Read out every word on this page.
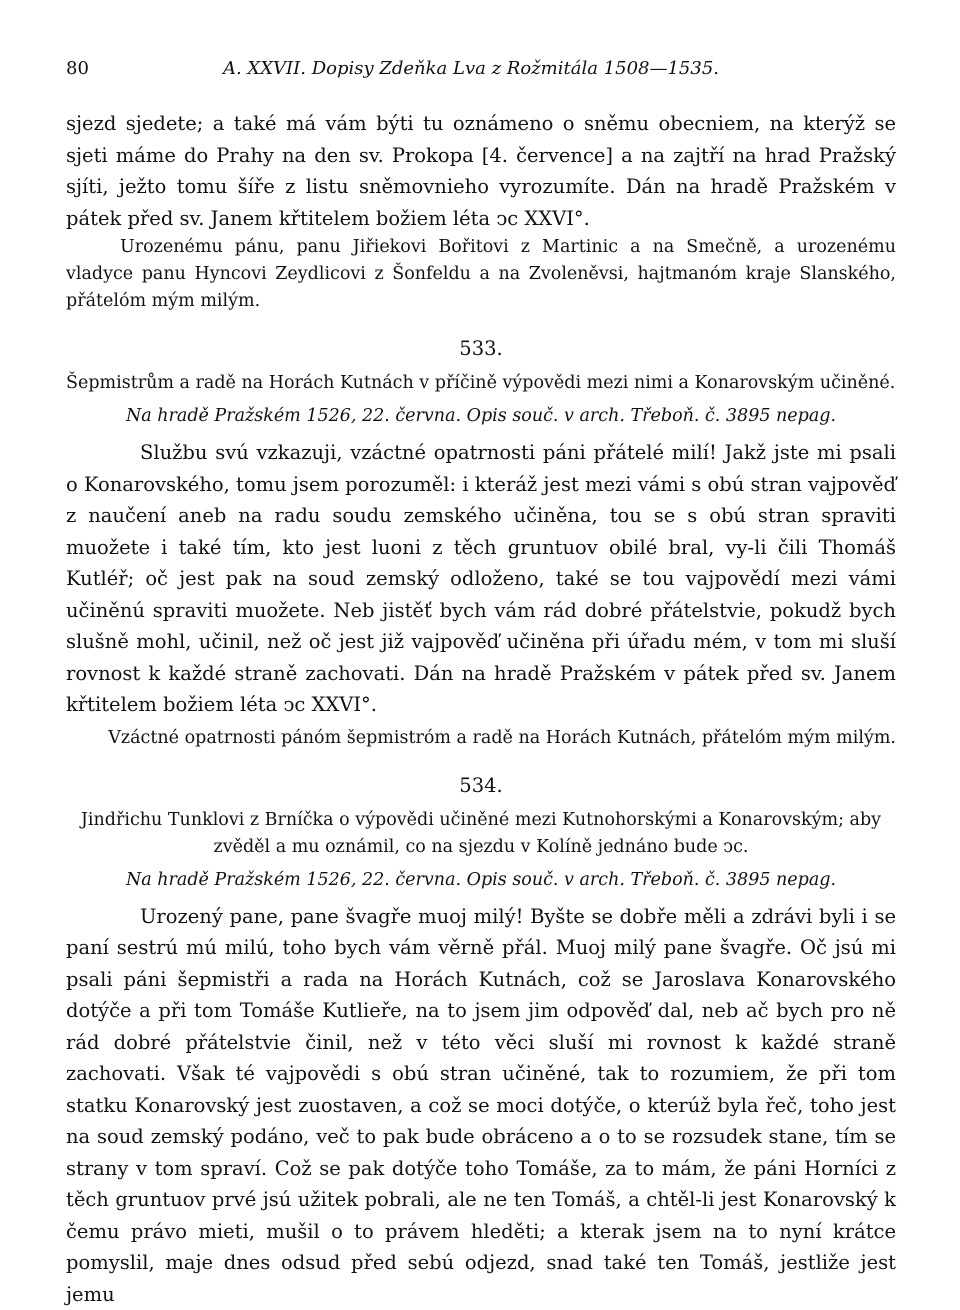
80	A. XXVII. Dopisy Zdeňka Lva z Rožmitála 1508—1535.

sjezd sjedete; a také má vám býti tu oznámeno o sněmu obecniem, na kterýž se sjeti máme do Prahy na den sv. Prokopa [4. července] a na zajtří na hrad Pražský sjíti, ježto tomu šíře z listu sněmovnieho vyrozumíte. Dán na hradě Pražském v pátek před sv. Janem křtitelem božiem léta ↄc XXVI°.

Urozenému pánu, panu Jiřiekovi Bořitovi z Martinic a na Smečně, a urozenému vladyce panu Hyncovi Zeydlicovi z Šonfeldu a na Zvoleněvsi, hajtmanóm kraje Slanského, přátelóm mým milým.

533.

Šepmistrům a radě na Horách Kutnách v příčině výpovědi mezi nimi a Konarovským učiněné.

Na hradě Pražském 1526, 22. června. Opis souč. v arch. Třeboň. č. 3895 nepag.

Službu svú vzkazuji, vzáctné opatrnosti páni přátelé milí! Jakž jste mi psali o Konarovského, tomu jsem porozuměl: i kteráž jest mezi vámi s obú stran vajpověď z naučení aneb na radu soudu zemského učiněna, tou se s obú stran spraviti muožete i také tím, kto jest luoni z těch gruntuov obilé bral, vy-li čili Thomáš Kutléř; oč jest pak na soud zemský odloženo, také se tou vajpovědí mezi vámi učiněnú spraviti muožete. Neb jistěť bych vám rád dobré přátelstvie, pokudž bych slušně mohl, učinil, než oč jest již vajpověď učiněna při úřadu mém, v tom mi sluší rovnost k každé straně zachovati. Dán na hradě Pražském v pátek před sv. Janem křtitelem božiem léta ↄc XXVI°.

Vzáctné opatrnosti pánóm šepmistróm a radě na Horách Kutnách, přátelóm mým milým.

534.

Jindřichu Tunklovi z Brníčka o výpovědi učiněné mezi Kutnohorskými a Konarovským; aby zvěděl a mu oznámil, co na sjezdu v Kolíně jednáno bude ↄc.

Na hradě Pražském 1526, 22. června. Opis souč. v arch. Třeboň. č. 3895 nepag.

Urozený pane, pane švagře muoj milý! Byšte se dobře měli a zdrávi byli i se paní sestrú mú milú, toho bych vám věrně přál. Muoj milý pane švagře. Oč jsú mi psali páni šepmistři a rada na Horách Kutnách, což se Jaroslava Konarovského dotýče a při tom Tomáše Kutlieře, na to jsem jim odpověď dal, neb ač bych pro ně rád dobré přátelstvie činil, než v této věci sluší mi rovnost k každé straně zachovati. Však té vajpovědi s obú stran učiněné, tak to rozumiem, že při tom statku Konarovský jest zuostaven, a což se moci dotýče, o kterúž byla řeč, toho jest na soud zemský podáno, več to pak bude obráceno a o to se rozsudek stane, tím se strany v tom spraví. Což se pak dotýče toho Tomáše, za to mám, že páni Horníci z těch gruntuov prvé jsú užitek pobrali, ale ne ten Tomáš, a chtěl-li jest Konarovský k čemu právo mieti, mušil o to právem hleděti; a kterak jsem na to nyní krátce pomyslil, maje dnes odsud před sebú odjezd, snad také ten Tomáš, jestliže jest jemu
